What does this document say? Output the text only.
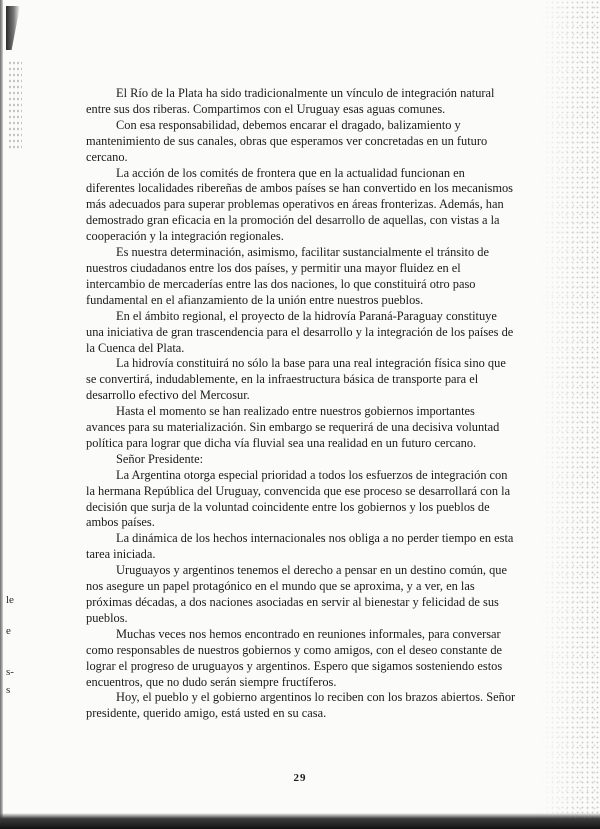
le
e
s-
s

El Río de la Plata ha sido tradicionalmente un vínculo de integración natural entre sus dos riberas. Compartimos con el Uruguay esas aguas comunes.

Con esa responsabilidad, debemos encarar el dragado, balizamiento y mantenimiento de sus canales, obras que esperamos ver concretadas en un futuro cercano.

La acción de los comités de frontera que en la actualidad funcionan en diferentes localidades ribereñas de ambos países se han convertido en los mecanismos más adecuados para superar problemas operativos en áreas fronterizas. Además, han demostrado gran eficacia en la promoción del desarrollo de aquellas, con vistas a la cooperación y la integración regionales.

Es nuestra determinación, asimismo, facilitar sustancialmente el tránsito de nuestros ciudadanos entre los dos países, y permitir una mayor fluidez en el intercambio de mercaderías entre las dos naciones, lo que constituirá otro paso fundamental en el afianzamiento de la unión entre nuestros pueblos.

En el ámbito regional, el proyecto de la hidrovía Paraná-Paraguay constituye una iniciativa de gran trascendencia para el desarrollo y la integración de los países de la Cuenca del Plata.

La hidrovía constituirá no sólo la base para una real integración física sino que se convertirá, indudablemente, en la infraestructura básica de transporte para el desarrollo efectivo del Mercosur.

Hasta el momento se han realizado entre nuestros gobiernos importantes avances para su materialización. Sin embargo se requerirá de una decisiva voluntad política para lograr que dicha vía fluvial sea una realidad en un futuro cercano.

Señor Presidente:

La Argentina otorga especial prioridad a todos los esfuerzos de integración con la hermana República del Uruguay, convencida que ese proceso se desarrollará con la decisión que surja de la voluntad coincidente entre los gobiernos y los pueblos de ambos países.

La dinámica de los hechos internacionales nos obliga a no perder tiempo en esta tarea iniciada.

Uruguayos y argentinos tenemos el derecho a pensar en un destino común, que nos asegure un papel protagónico en el mundo que se aproxima, y a ver, en las próximas décadas, a dos naciones asociadas en servir al bienestar y felicidad de sus pueblos.

Muchas veces nos hemos encontrado en reuniones informales, para conversar como responsables de nuestros gobiernos y como amigos, con el deseo constante de lograr el progreso de uruguayos y argentinos. Espero que sigamos sosteniendo estos encuentros, que no dudo serán siempre fructíferos.

Hoy, el pueblo y el gobierno argentinos lo reciben con los brazos abiertos. Señor presidente, querido amigo, está usted en su casa.

29
